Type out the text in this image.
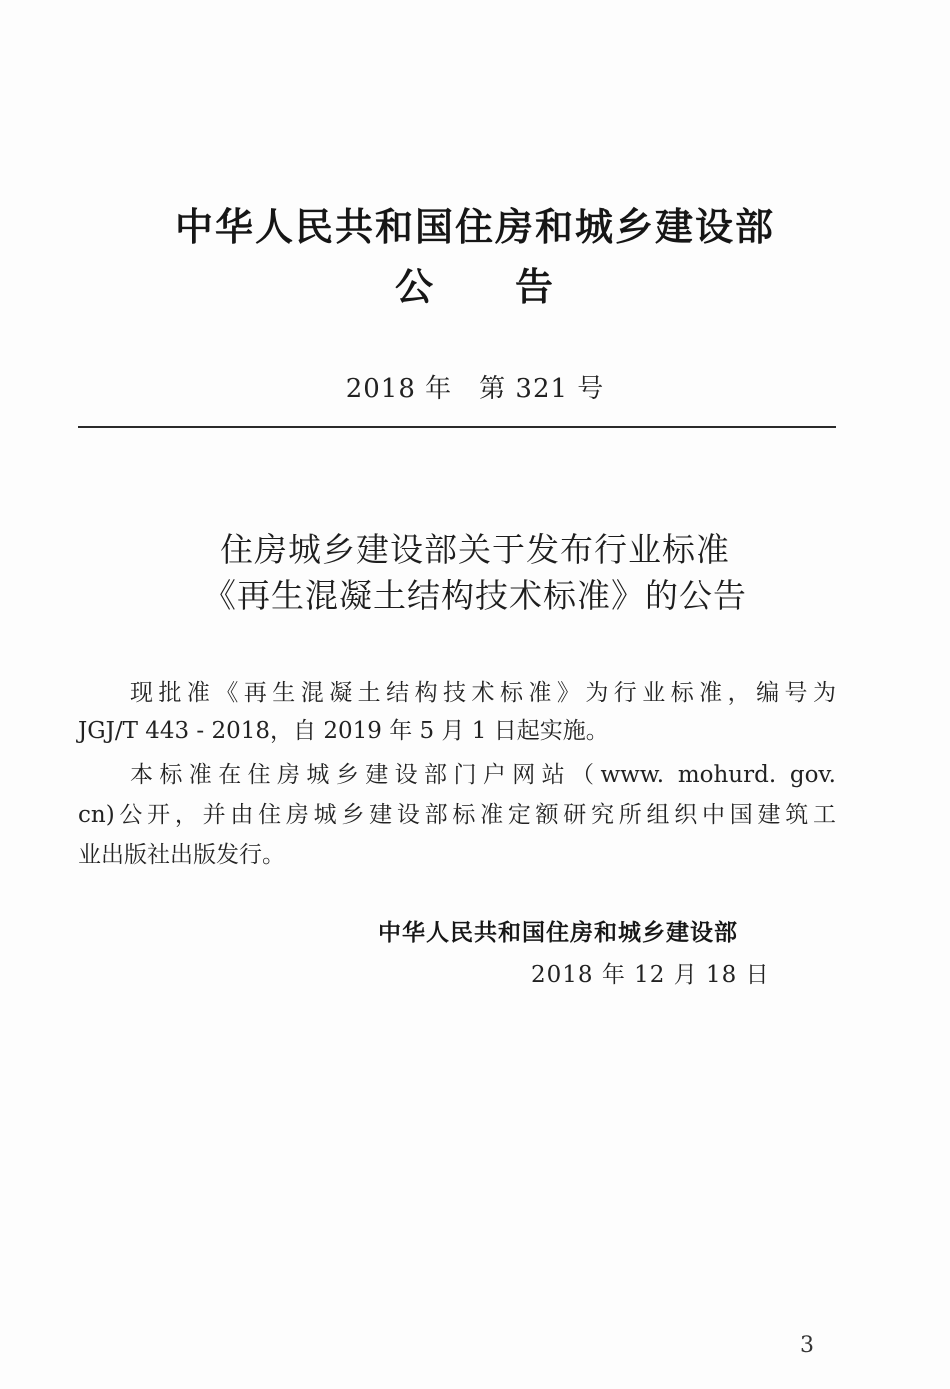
中华人民共和国住房和城乡建设部
公　　告
2018 年　第 321 号
住房城乡建设部关于发布行业标准
《再生混凝土结构技术标准》的公告
现批准《再生混凝土结构技术标准》为行业标准，编号为
JGJ/T 443 - 2018，自 2019 年 5 月 1 日起实施。
本标准在住房城乡建设部门户网站（www. mohurd. gov.
cn)公开，并由住房城乡建设部标准定额研究所组织中国建筑工
业出版社出版发行。
中华人民共和国住房和城乡建设部
2018 年 12 月 18 日
3
